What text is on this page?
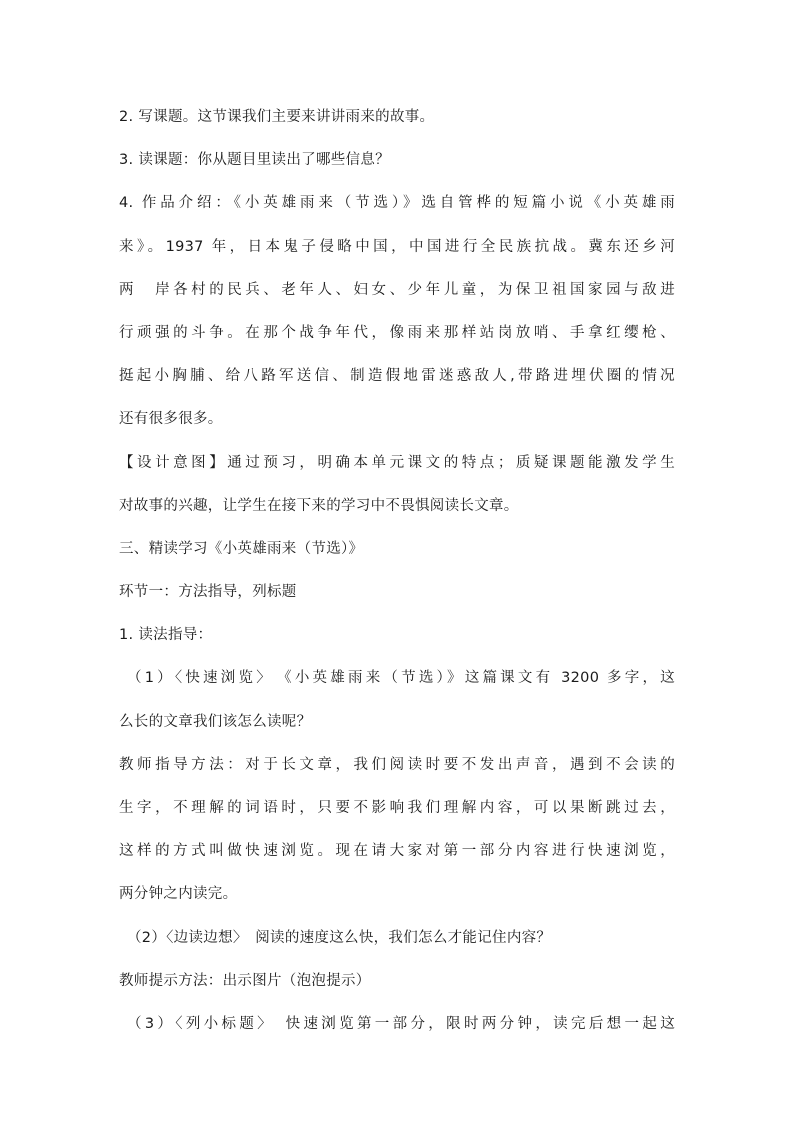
2. 写课题。这节课我们主要来讲讲雨来的故事。
3. 读课题：你从题目里读出了哪些信息？
4. 作品介绍：《小英雄雨来（节选）》选自管桦的短篇小说《小英雄雨
来》。1937 年，日本鬼子侵略中国，中国进行全民族抗战。冀东还乡河
两　岸各村的民兵、老年人、妇女、少年儿童，为保卫祖国家园与敌进
行顽强的斗争。在那个战争年代，像雨来那样站岗放哨、手拿红缨枪、
挺起小胸脯、给八路军送信、制造假地雷迷惑敌人,带路进埋伏圈的情况
还有很多很多。
【设计意图】通过预习，明确本单元课文的特点；质疑课题能激发学生
对故事的兴趣，让学生在接下来的学习中不畏惧阅读长文章。
三、精读学习《小英雄雨来（节选）》
环节一：方法指导，列标题
1. 读法指导：
（1）〈快速浏览〉　《小英雄雨来（节选）》这篇课文有 3200 多字，这
么长的文章我们该怎么读呢？
教师指导方法：对于长文章，我们阅读时要不发出声音，遇到不会读的
生字，不理解的词语时，只要不影响我们理解内容，可以果断跳过去，
这样的方式叫做快速浏览。现在请大家对第一部分内容进行快速浏览，
两分钟之内读完。
（2）〈边读边想〉　阅读的速度这么快，我们怎么才能记住内容？
教师提示方法：出示图片（泡泡提示）
（3）〈列小标题〉　快速浏览第一部分，限时两分钟，读完后想一起这
